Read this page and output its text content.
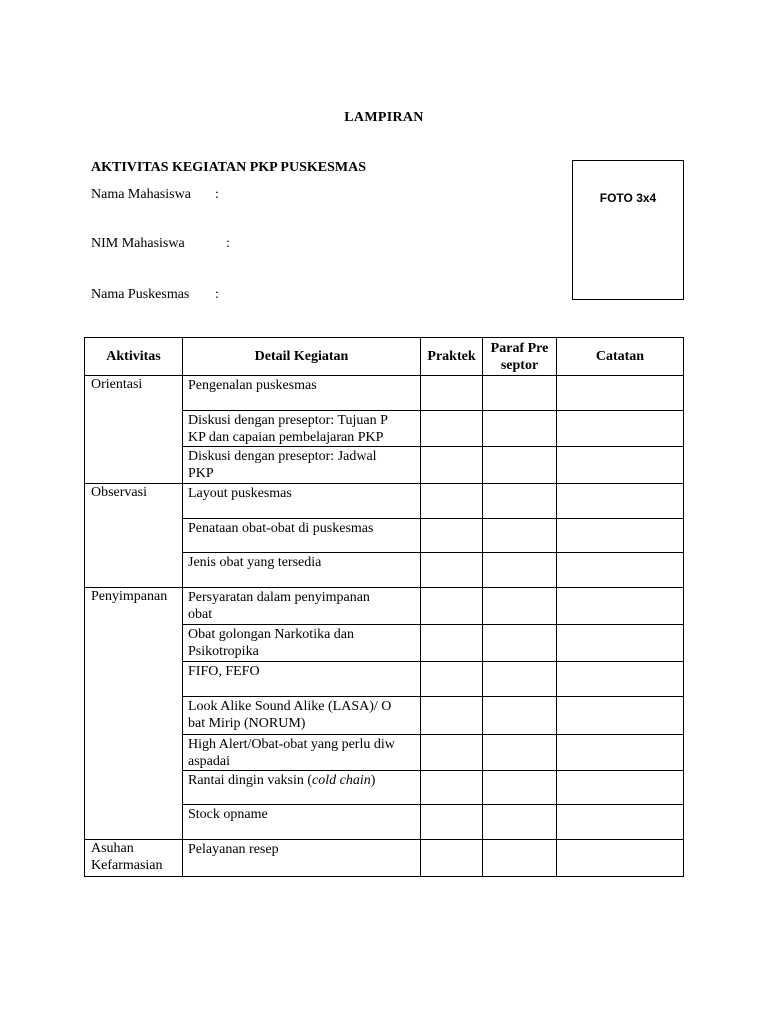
LAMPIRAN
AKTIVITAS KEGIATAN PKP PUSKESMAS
Nama Mahasiswa :
NIM Mahasiswa	:
Nama Puskesmas :
FOTO 3x4
Aktivitas	Detail Kegiatan	Praktek	Paraf Pre
septor	Catatan
Orientasi	Pengenalan puskesmas			
	Diskusi dengan preseptor: Tujuan P
KP dan capaian pembelajaran PKP			
	Diskusi dengan preseptor: Jadwal
PKP			
Observasi	Layout puskesmas			
	Penataan obat-obat di puskesmas			
	Jenis obat yang tersedia			
Penyimpanan	Persyaratan dalam penyimpanan
obat			
	Obat golongan Narkotika dan
Psikotropika			
	FIFO, FEFO			
	Look Alike Sound Alike (LASA)/ O
bat Mirip (NORUM)			
	High Alert/Obat-obat yang perlu diw
aspadai			
	Rantai dingin vaksin (cold chain)			
	Stock opname			
Asuhan
Kefarmasian	Pelayanan resep			
